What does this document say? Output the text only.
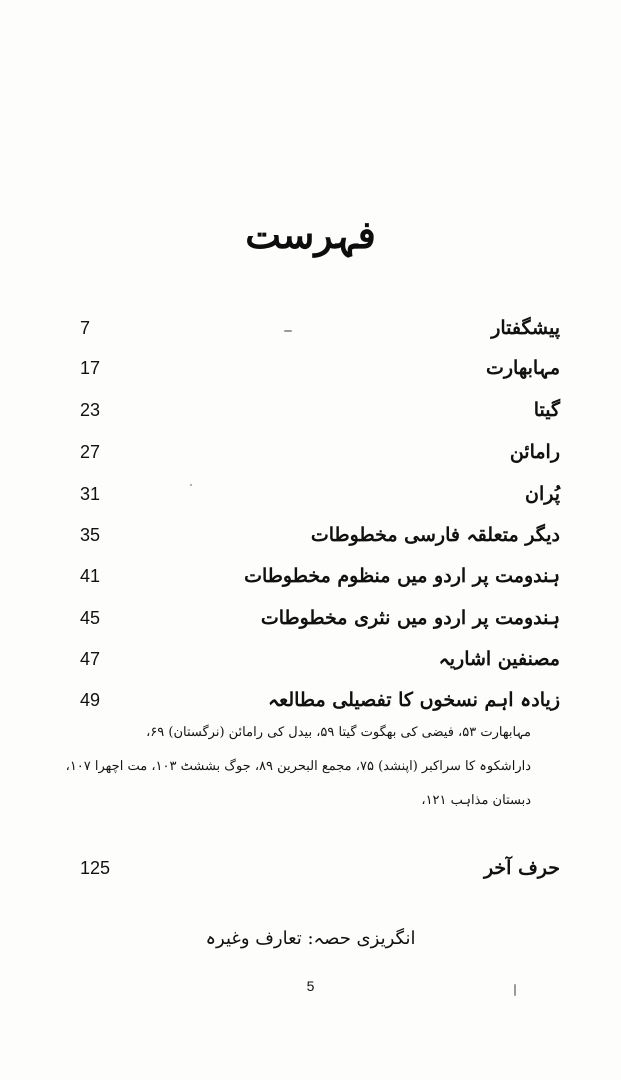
فہرست
پیشگفتار
7
مہابھارت
17
گیتا
23
رامائن
27
پُران
31
دیگر متعلقہ فارسی مخطوطات
35
ہندومت پر اردو میں منظوم مخطوطات
41
ہندومت پر اردو میں نثری مخطوطات
45
مصنفین اشاریہ
47
زیادہ اہم نسخوں کا تفصیلی مطالعہ
49
مہابھارت ۵۳، فیضی کی بھگوت گیتا ۵۹، بیدل کی رامائن (نرگستان) ۶۹،
داراشکوہ کا سراکبر (اپنشد) ۷۵، مجمع البحرین ۸۹، جوگ بششٹ ۱۰۳، مت اچھرا ۱۰۷،
دبستان مذاہب ۱۲۱،
حرف آخر
125
انگریزی حصہ: تعارف وغیرہ
5
